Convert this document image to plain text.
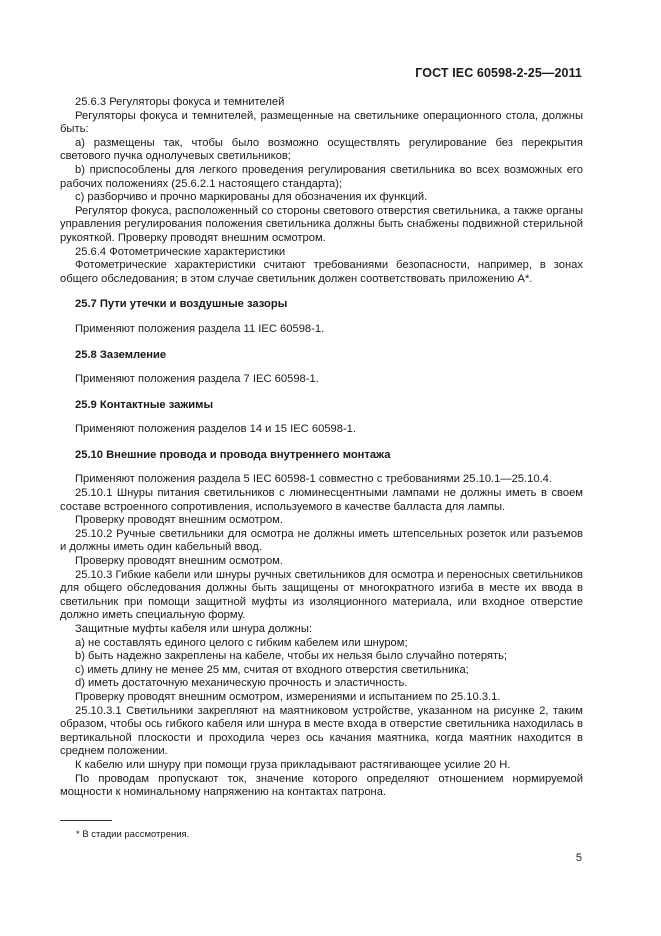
ГОСТ IEC 60598-2-25—2011

25.6.3 Регуляторы фокуса и темнителей

Регуляторы фокуса и темнителей, размещенные на светильнике операционного стола, должны быть:

a) размещены так, чтобы было возможно осуществлять регулирование без перекрытия светового пучка однолучевых светильников;

b) приспособлены для легкого проведения регулирования светильника во всех возможных его рабочих положениях (25.6.2.1 настоящего стандарта);

c) разборчиво и прочно маркированы для обозначения их функций.

Регулятор фокуса, расположенный со стороны светового отверстия светильника, а также органы управления регулирования положения светильника должны быть снабжены подвижной стерильной рукояткой. Проверку проводят внешним осмотром.

25.6.4 Фотометрические характеристики

Фотометрические характеристики считают требованиями безопасности, например, в зонах общего обследования; в этом случае светильник должен соответствовать приложению А*.

25.7 Пути утечки и воздушные зазоры

Применяют положения раздела 11 IEC 60598-1.

25.8 Заземление

Применяют положения раздела 7 IEC 60598-1.

25.9 Контактные зажимы

Применяют положения разделов 14 и 15 IEC 60598-1.

25.10 Внешние провода и провода внутреннего монтажа

Применяют положения раздела 5 IEC 60598-1 совместно с требованиями 25.10.1—25.10.4.

25.10.1 Шнуры питания светильников с люминесцентными лампами не должны иметь в своем составе встроенного сопротивления, используемого в качестве балласта для лампы.

Проверку проводят внешним осмотром.

25.10.2 Ручные светильники для осмотра не должны иметь штепсельных розеток или разъемов и должны иметь один кабельный ввод.

Проверку проводят внешним осмотром.

25.10.3 Гибкие кабели или шнуры ручных светильников для осмотра и переносных светильников для общего обследования должны быть защищены от многократного изгиба в месте их ввода в светильник при помощи защитной муфты из изоляционного материала, или входное отверстие должно иметь специальную форму.

Защитные муфты кабеля или шнура должны:

a) не составлять единого целого с гибким кабелем или шнуром;

b) быть надежно закреплены на кабеле, чтобы их нельзя было случайно потерять;

c) иметь длину не менее 25 мм, считая от входного отверстия светильника;

d) иметь достаточную механическую прочность и эластичность.

Проверку проводят внешним осмотром, измерениями и испытанием по 25.10.3.1.

25.10.3.1 Светильники закрепляют на маятниковом устройстве, указанном на рисунке 2, таким образом, чтобы ось гибкого кабеля или шнура в месте входа в отверстие светильника находилась в вертикальной плоскости и проходила через ось качания маятника, когда маятник находится в среднем положении.

К кабелю или шнуру при помощи груза прикладывают растягивающее усилие 20 Н.

По проводам пропускают ток, значение которого определяют отношением нормируемой мощности к номинальному напряжению на контактах патрона.

* В стадии рассмотрения.
5
